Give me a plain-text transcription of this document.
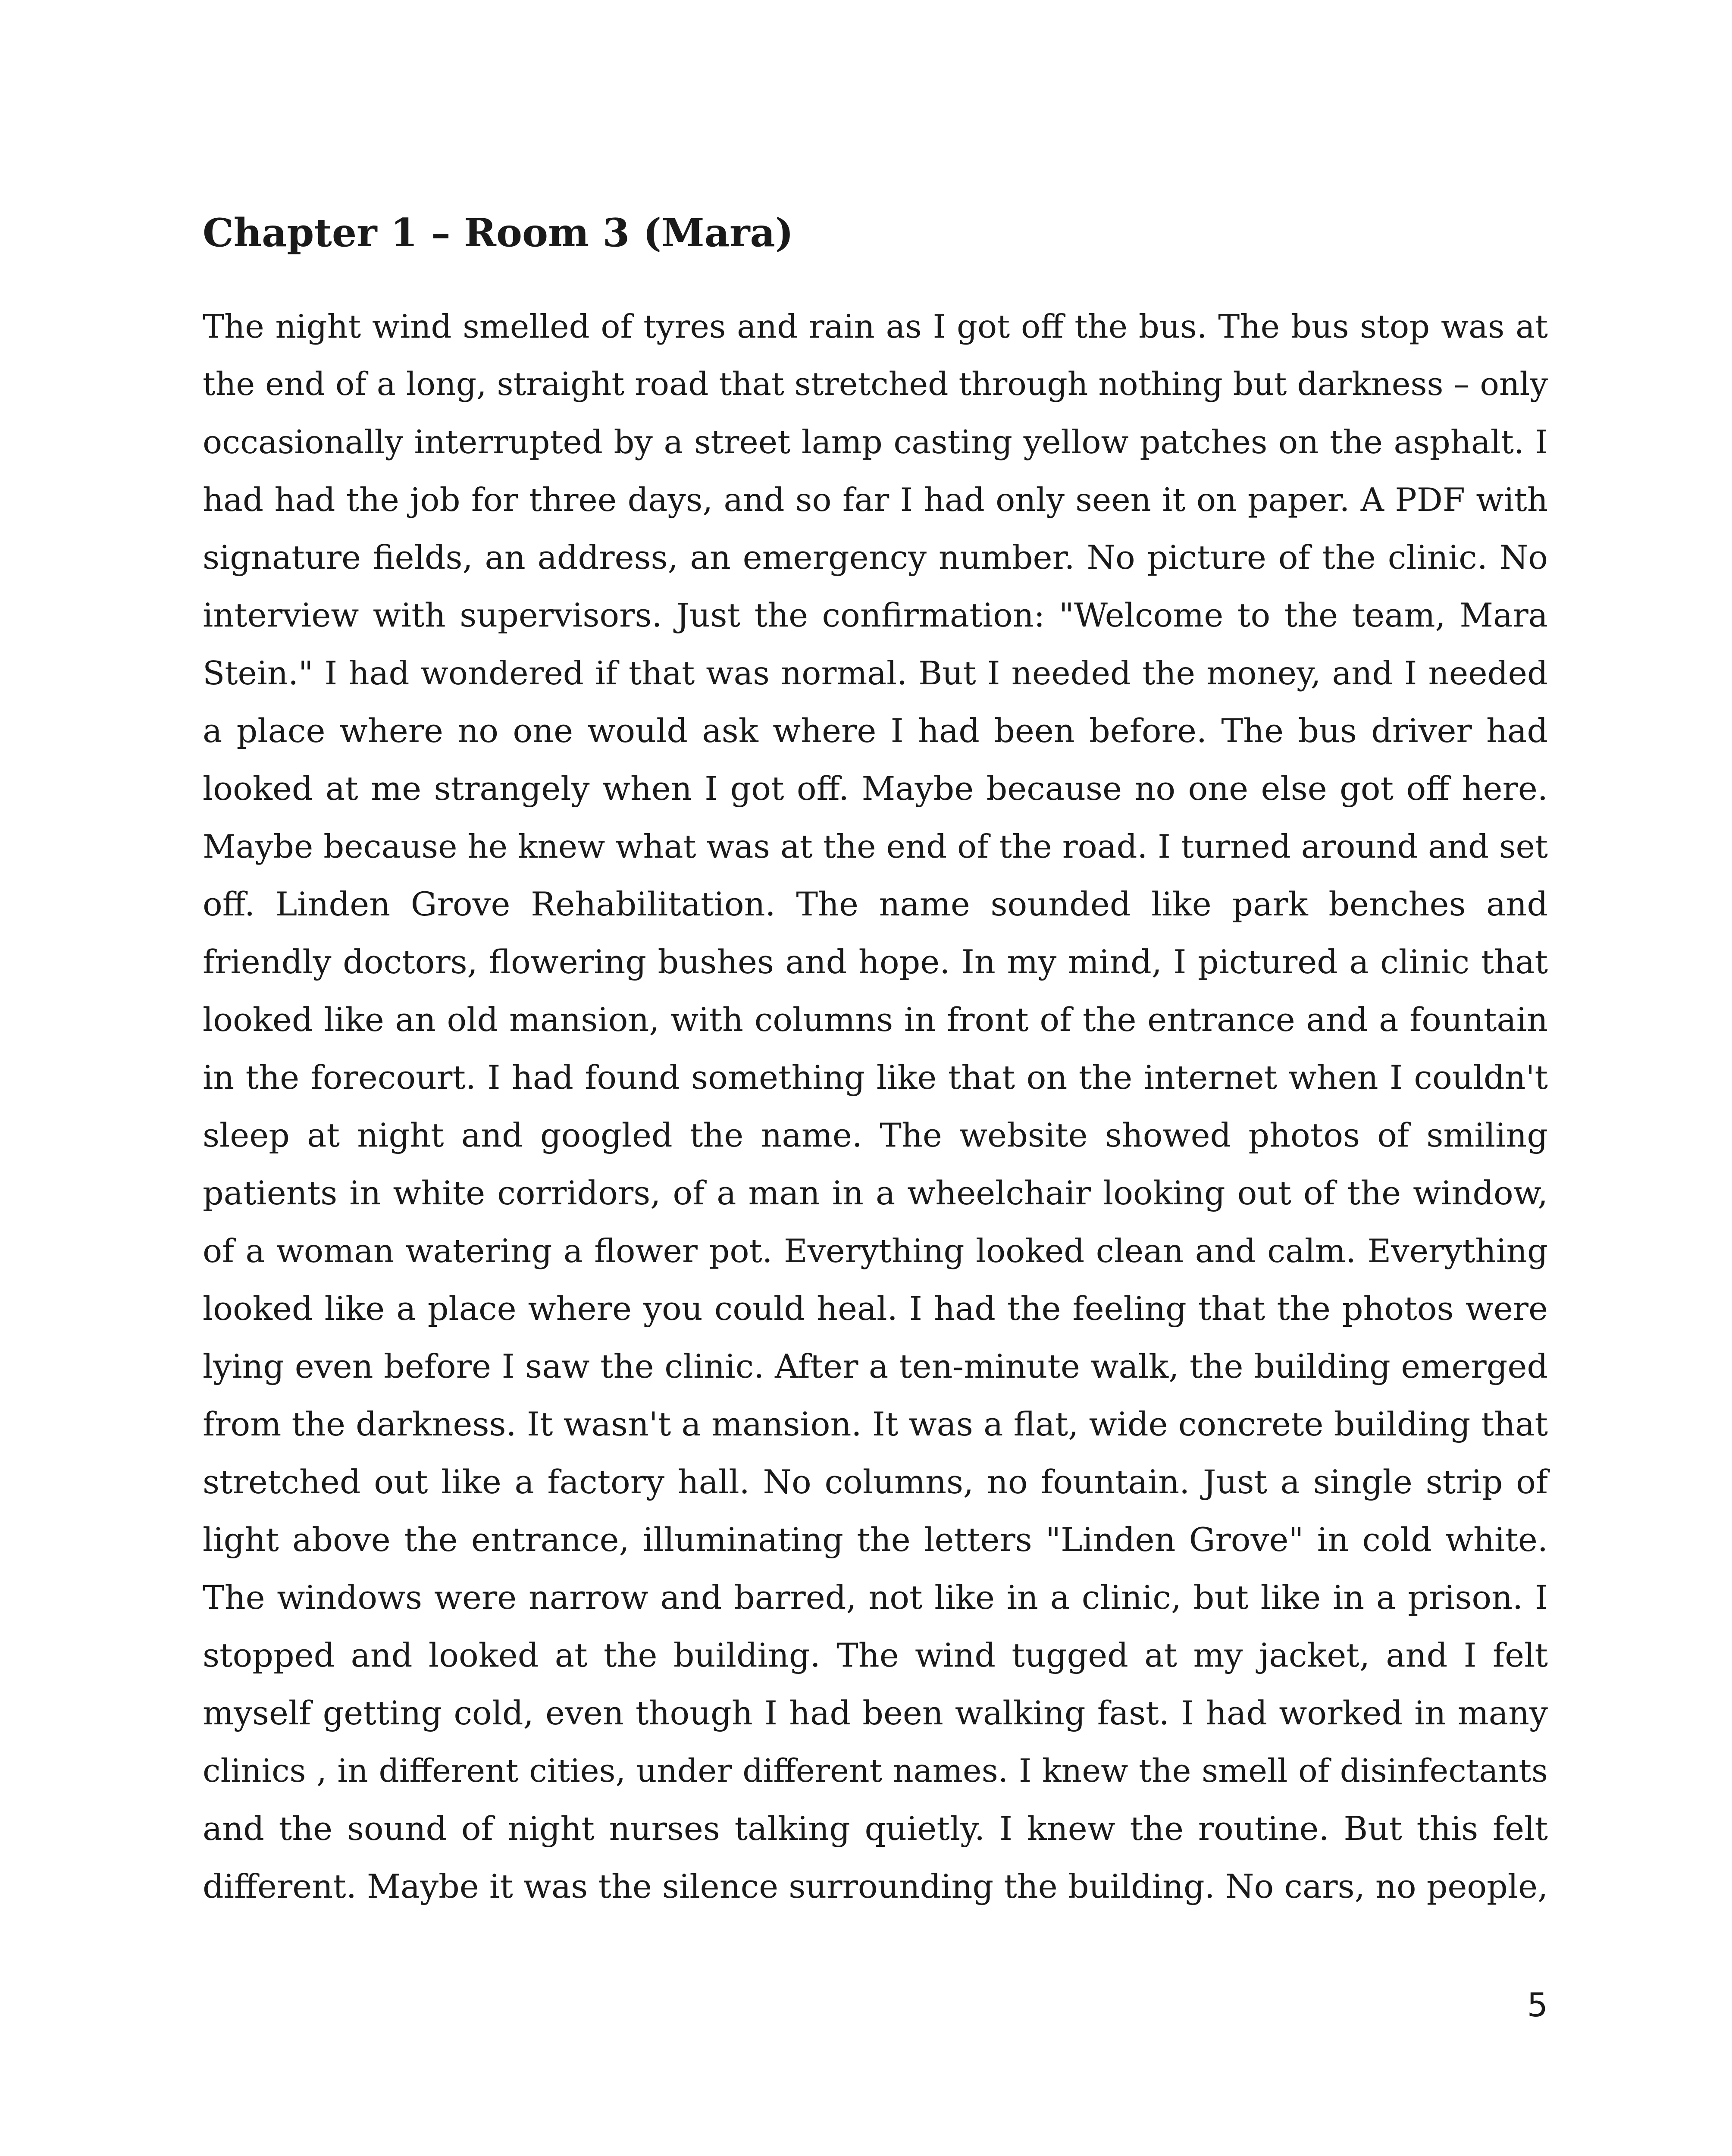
Chapter 1 – Room 3 (Mara)
The night wind smelled of tyres and rain as I got off the bus. The bus stop was at
the end of a long, straight road that stretched through nothing but darkness – only
occasionally interrupted by a street lamp casting yellow patches on the asphalt. I
had had the job for three days, and so far I had only seen it on paper. A PDF with
signature fields, an address, an emergency number. No picture of the clinic. No
interview with supervisors. Just the confirmation: "Welcome to the team, Mara
Stein." I had wondered if that was normal. But I needed the money, and I needed
a place where no one would ask where I had been before. The bus driver had
looked at me strangely when I got off. Maybe because no one else got off here.
Maybe because he knew what was at the end of the road. I turned around and set
off. Linden Grove Rehabilitation. The name sounded like park benches and
friendly doctors, flowering bushes and hope. In my mind, I pictured a clinic that
looked like an old mansion, with columns in front of the entrance and a fountain
in the forecourt. I had found something like that on the internet when I couldn't
sleep at night and googled the name. The website showed photos of smiling
patients in white corridors, of a man in a wheelchair looking out of the window,
of a woman watering a flower pot. Everything looked clean and calm. Everything
looked like a place where you could heal. I had the feeling that the photos were
lying even before I saw the clinic. After a ten-minute walk, the building emerged
from the darkness. It wasn't a mansion. It was a flat, wide concrete building that
stretched out like a factory hall. No columns, no fountain. Just a single strip of
light above the entrance, illuminating the letters "Linden Grove" in cold white.
The windows were narrow and barred, not like in a clinic, but like in a prison. I
stopped and looked at the building. The wind tugged at my jacket, and I felt
myself getting cold, even though I had been walking fast. I had worked in many
clinics , in different cities, under different names. I knew the smell of disinfectants
and the sound of night nurses talking quietly. I knew the routine. But this felt
different. Maybe it was the silence surrounding the building. No cars, no people,
5
